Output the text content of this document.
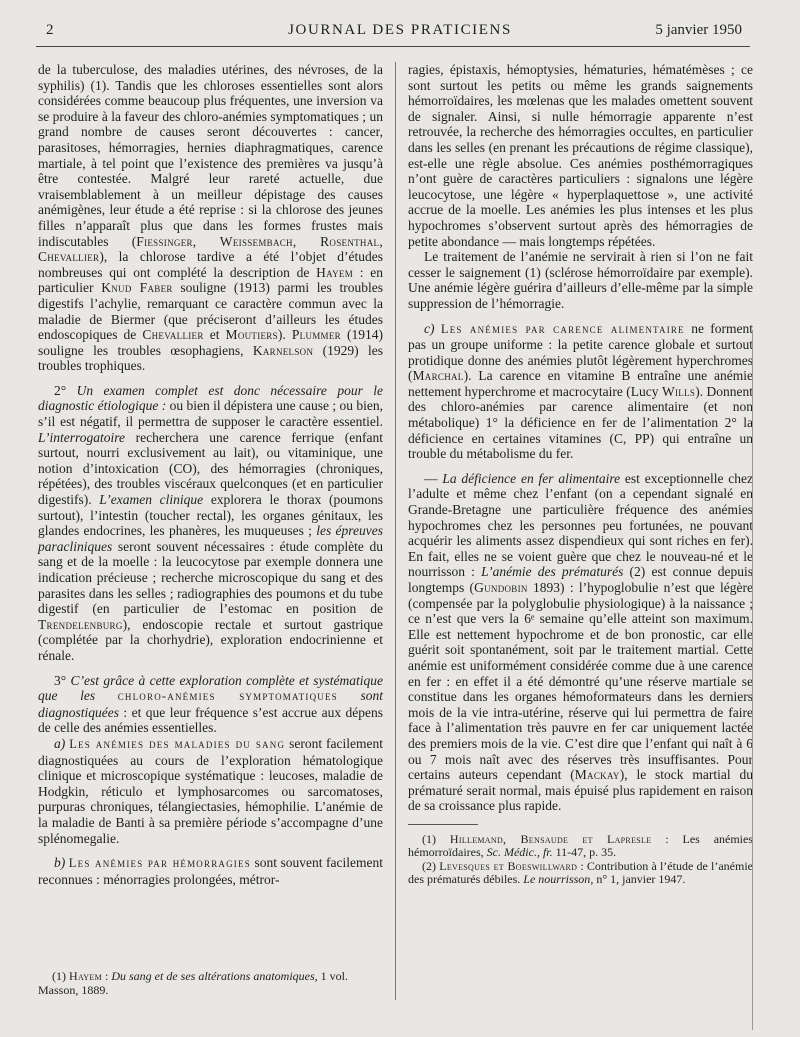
2	JOURNAL DES PRATICIENS	5 janvier 1950

de la tuberculose, des maladies utérines, des névroses, de la syphilis) (1). Tandis que les chloroses essentielles sont alors considérées comme beaucoup plus fréquentes, une inversion va se produire à la faveur des chloro-anémies symptomatiques ; un grand nombre de causes seront découvertes : cancer, parasitoses, hémorragies, hernies diaphragmatiques, carence martiale, à tel point que l’existence des premières va jusqu’à être contestée. Malgré leur rareté actuelle, due vraisemblablement à un meilleur dépistage des causes anémigènes, leur étude a été reprise : si la chlorose des jeunes filles n’apparaît plus que dans les formes frustes mais indiscutables (Fiessinger, Weissembach, Rosenthal, Chevallier), la chlorose tardive a été l’objet d’études nombreuses qui ont complété la description de Hayem : en particulier Knud Faber souligne (1913) parmi les troubles digestifs l’achylie, remarquant ce caractère commun avec la maladie de Biermer (que préciseront d’ailleurs les études endoscopiques de Chevallier et Moutiers). Plummer (1914) souligne les troubles œsophagiens, Karnelson (1929) les troubles trophiques.

2° Un examen complet est donc nécessaire pour le diagnostic étiologique : ou bien il dépistera une cause ; ou bien, s’il est négatif, il permettra de supposer le caractère essentiel. L’interrogatoire recherchera une carence ferrique (enfant surtout, nourri exclusivement au lait), ou vitaminique, une notion d’intoxication (CO), des hémorragies (chroniques, répétées), des troubles viscéraux quelconques (et en particulier digestifs). L’examen clinique explorera le thorax (poumons surtout), l’intestin (toucher rectal), les organes génitaux, les glandes endocrines, les phanères, les muqueuses ; les épreuves paracliniques seront souvent nécessaires : étude complète du sang et de la moelle : la leucocytose par exemple donnera une indication précieuse ; recherche microscopique du sang et des parasites dans les selles ; radiographies des poumons et du tube digestif (en particulier de l’estomac en position de Trendelenburg), endoscopie rectale et surtout gastrique (complétée par la chorhydrie), exploration endocrinienne et rénale.

3° C’est grâce à cette exploration complète et systématique que les chloro-anémies symptomatiques sont diagnostiquées : et que leur fréquence s’est accrue aux dépens de celle des anémies essentielles.

a) Les anémies des maladies du sang seront facilement diagnostiquées au cours de l’exploration hématologique clinique et microscopique systématique : leucoses, maladie de Hodgkin, réticulo et lymphosarcomes ou sarcomatoses, purpuras chroniques, télangiectasies, hémophilie. L’anémie de la maladie de Banti à sa première période s’accompagne d’une splénomegalie.

b) Les anémies par hémorragies sont souvent facilement reconnues : ménorragies prolongées, métror-

(1) Hayem : Du sang et de ses altérations anatomiques, 1 vol. Masson, 1889.

ragies, épistaxis, hémoptysies, hématuries, hématémèses ; ce sont surtout les petits ou même les grands saignements hémorroïdaires, les mœlenas que les malades omettent souvent de signaler. Ainsi, si nulle hémorragie apparente n’est retrouvée, la recherche des hémorragies occultes, en particulier dans les selles (en prenant les précautions de régime classique), est-elle une règle absolue. Ces anémies posthémorragiques n’ont guère de caractères particuliers : signalons une légère leucocytose, une légère « hyperplaquettose », une activité accrue de la moelle. Les anémies les plus intenses et les plus hypochromes s’observent surtout après des hémorragies de petite abondance — mais longtemps répétées.

Le traitement de l’anémie ne servirait à rien si l’on ne fait cesser le saignement (1) (sclérose hémorroïdaire par exemple). Une anémie légère guérira d’ailleurs d’elle-même par la simple suppression de l’hémorragie.

c) Les anémies par carence alimentaire ne forment pas un groupe uniforme : la petite carence globale et surtout protidique donne des anémies plutôt légèrement hyperchromes (Marchal). La carence en vitamine B entraîne une anémie nettement hyperchrome et macrocytaire (Lucy Wills). Donnent des chloro-anémies par carence alimentaire (et non métabolique) 1° la déficience en fer de l’alimentation 2° la déficience en certaines vitamines (C, PP) qui entraîne un trouble du métabolisme du fer.

— La déficience en fer alimentaire est exceptionnelle chez l’adulte et même chez l’enfant (on a cependant signalé en Grande-Bretagne une particulière fréquence des anémies hypochromes chez les personnes peu fortunées, ne pouvant acquérir les aliments assez dispendieux qui sont riches en fer). En fait, elles ne se voient guère que chez le nouveau-né et le nourrisson : L’anémie des prématurés (2) est connue depuis longtemps (Gundobin 1893) : l’hypoglobulie n’est que légère (compensée par la polyglobulie physiologique) à la naissance ; ce n’est que vers la 6ᵉ semaine qu’elle atteint son maximum. Elle est nettement hypochrome et de bon pronostic, car elle guérit soit spontanément, soit par le traitement martial. Cette anémie est uniformément considérée comme due à une carence en fer : en effet il a été démontré qu’une réserve martiale se constitue dans les organes hémoformateurs dans les derniers mois de la vie intra-utérine, réserve qui lui permettra de faire face à l’alimentation très pauvre en fer car uniquement lactée des premiers mois de la vie. C’est dire que l’enfant qui naît à 6 ou 7 mois naît avec des réserves très insuffisantes. Pour certains auteurs cependant (Mackay), le stock martial du prématuré serait normal, mais épuisé plus rapidement en raison de sa croissance plus rapide.

(1) Hillemand, Bensaude et Lapresle : Les anémies hémorroïdaires, Sc. Médic., fr. 11-47, p. 35.

(2) Levesques et Boeswillward : Contribution à l’étude de l’anémie des prématurés débiles. Le nourrisson, n° 1, janvier 1947.
